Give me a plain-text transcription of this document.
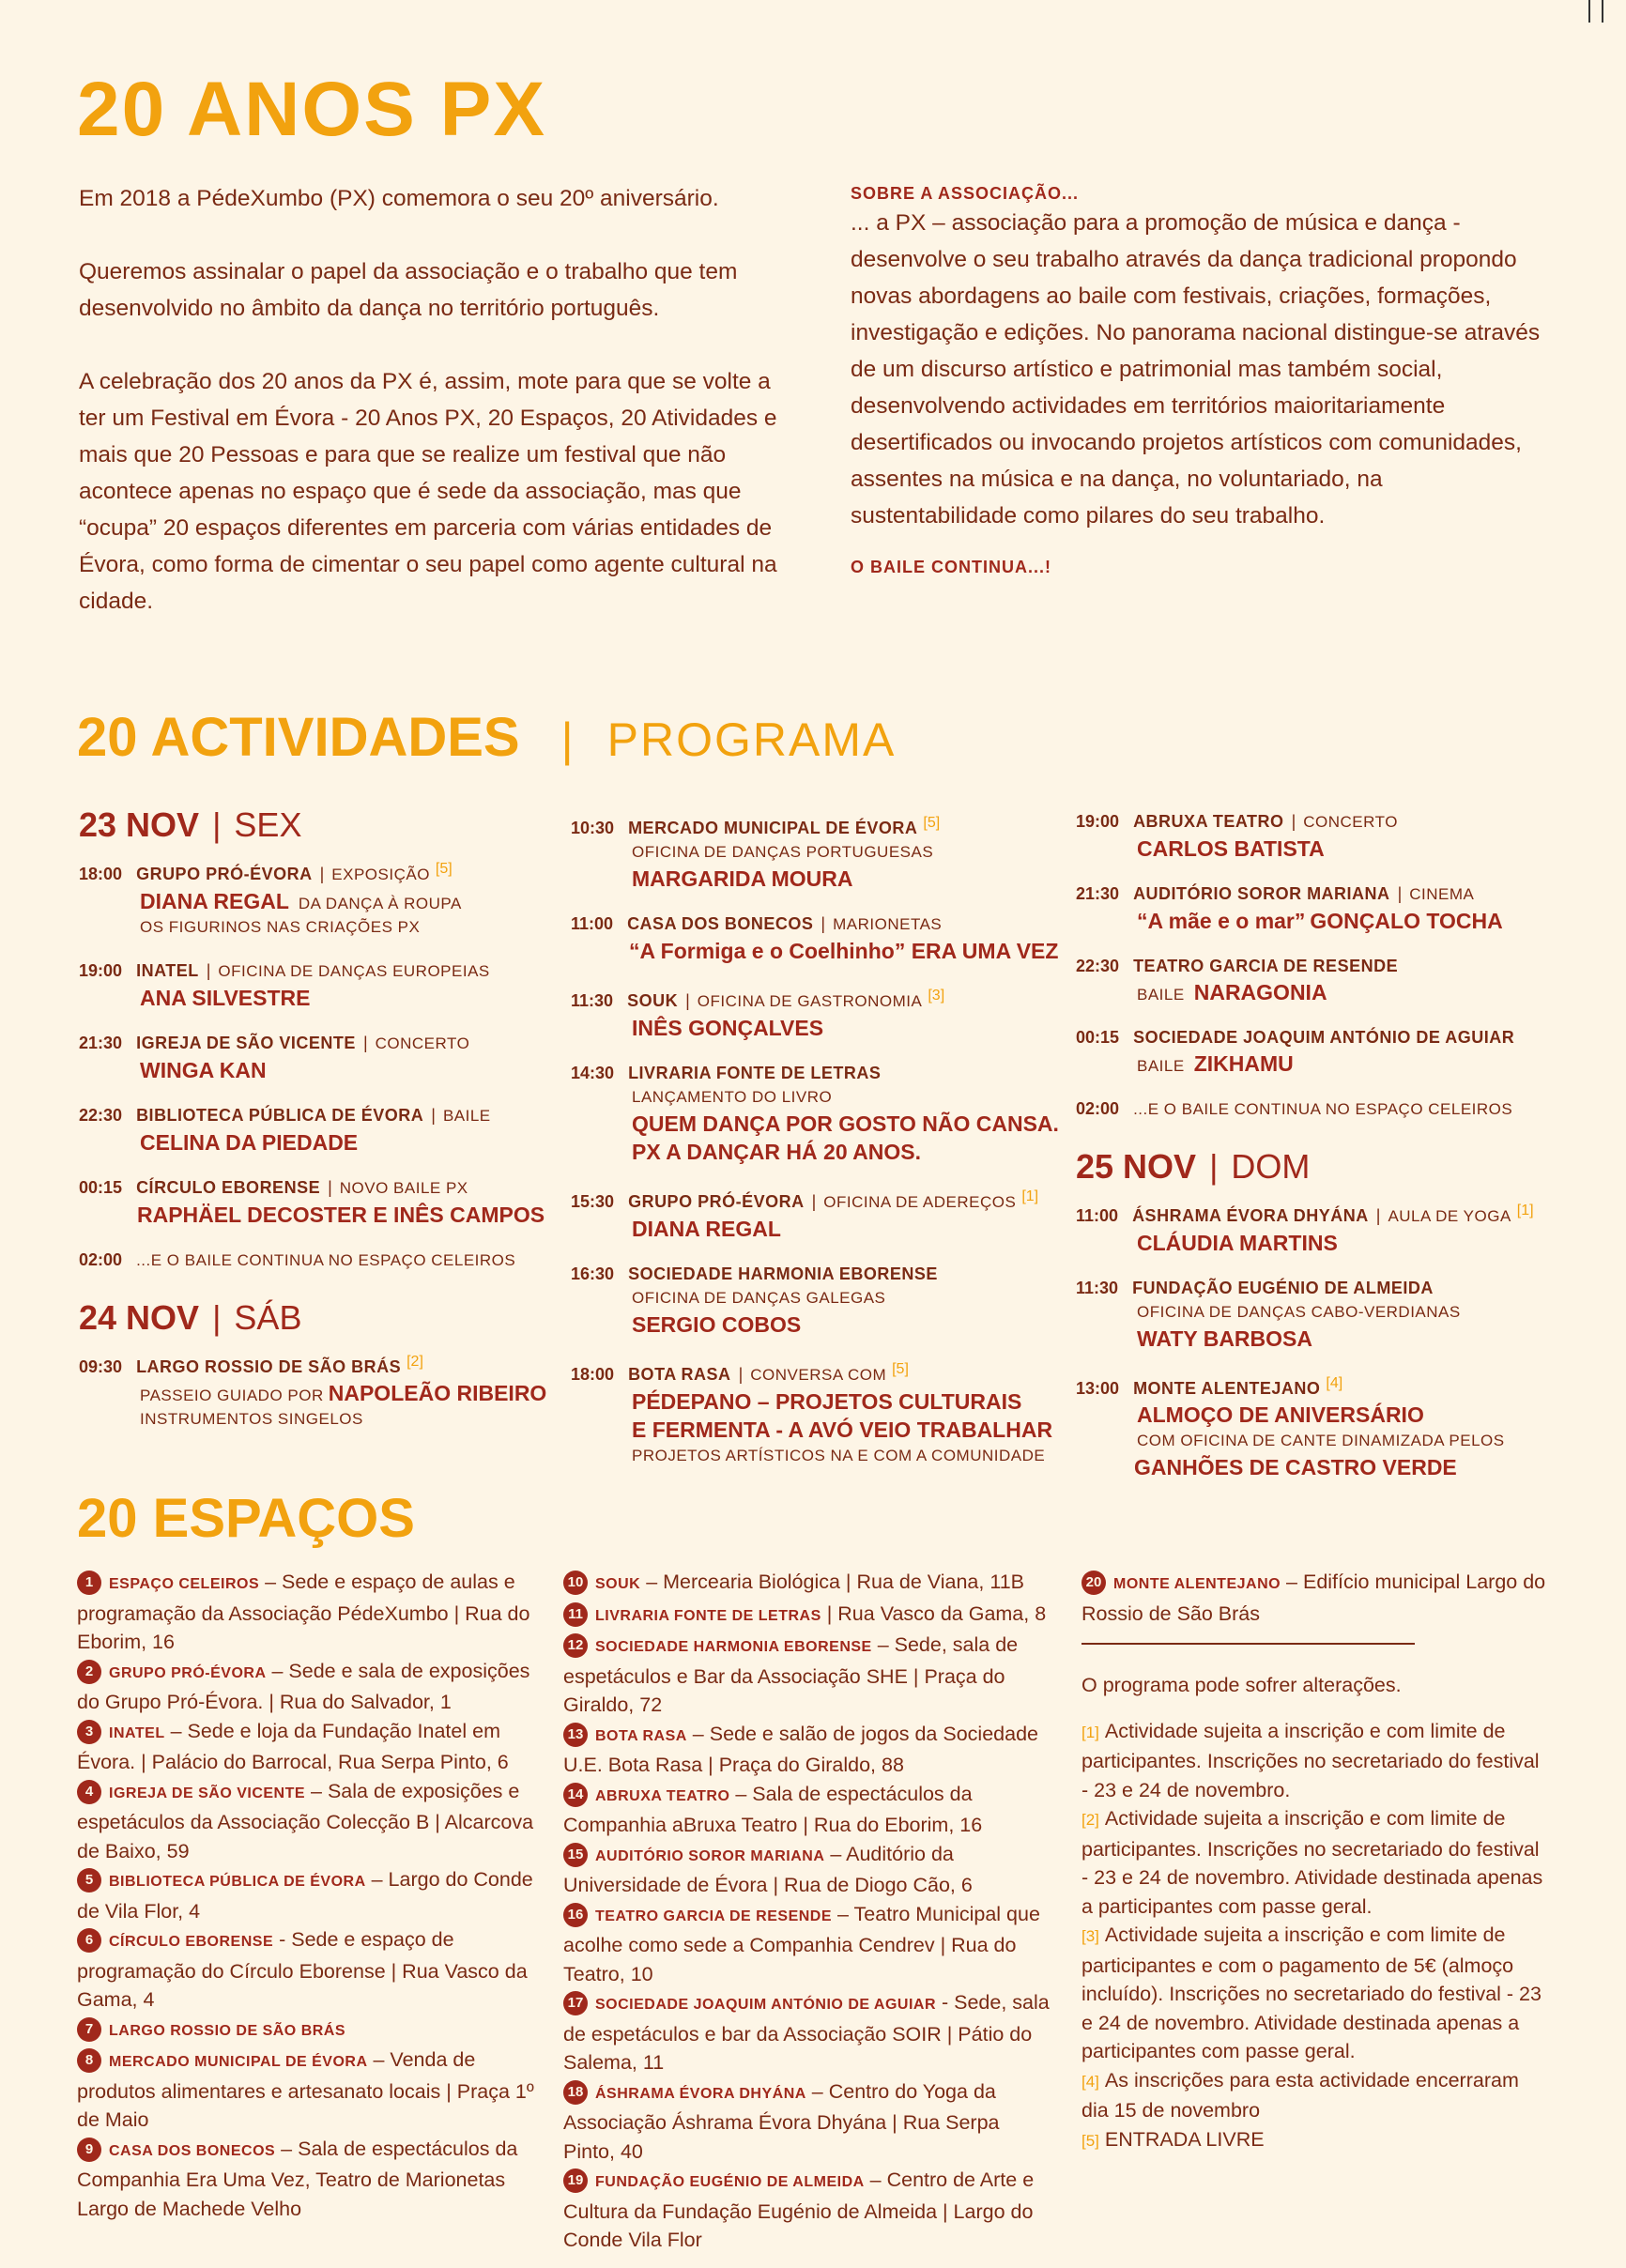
20 ANOS PX

Em 2018 a PédeXumbo (PX) comemora o seu 20º aniversário.

Queremos assinalar o papel da associação e o trabalho que tem desenvolvido no âmbito da dança no território português.

A celebração dos 20 anos da PX é, assim, mote para que se volte a ter um Festival em Évora - 20 Anos PX, 20 Espaços, 20 Atividades e mais que 20 Pessoas e para que se realize um festival que não acontece apenas no espaço que é sede da associação, mas que “ocupa” 20 espaços diferentes em parceria com várias entidades de Évora, como forma de cimentar o seu papel como agente cultural na cidade.

SOBRE A ASSOCIAÇÃO...

... a PX – associação para a promoção de música e dança - desenvolve o seu trabalho através da dança tradicional propondo novas abordagens ao baile com festivais, criações, formações, investigação e edições. No panorama nacional distingue-se através de um discurso artístico e patrimonial mas também social, desenvolvendo actividades em territórios maioritariamente desertificados ou invocando projetos artísticos com comunidades, assentes na música e na dança, no voluntariado, na sustentabilidade como pilares do seu trabalho.

O BAILE CONTINUA...!
20 ACTIVIDADES | PROGRAMA
23 NOV | SEX
18:00 GRUPO PRÓ-ÉVORA | EXPOSIÇÃO [5]
DIANA REGAL DA DANÇA À ROUPA
OS FIGURINOS NAS CRIAÇÕES PX
19:00 INATEL | OFICINA DE DANÇAS EUROPEIAS
ANA SILVESTRE
21:30 IGREJA DE SÃO VICENTE | CONCERTO
WINGA KAN
22:30 BIBLIOTECA PÚBLICA DE ÉVORA | BAILE
CELINA DA PIEDADE
00:15 CÍRCULO EBORENSE | NOVO BAILE PX
RAPHÄEL DECOSTER E INÊS CAMPOS
02:00 ...E O BAILE CONTINUA NO ESPAÇO CELEIROS
24 NOV | SÁB
09:30 LARGO ROSSIO DE SÃO BRÁS [2]
PASSEIO GUIADO POR NAPOLEÃO RIBEIRO
INSTRUMENTOS SINGELOS
10:30 MERCADO MUNICIPAL DE ÉVORA [5]
OFICINA DE DANÇAS PORTUGUESAS
MARGARIDA MOURA
11:00 CASA DOS BONECOS | MARIONETAS
“A Formiga e o Coelhinho” ERA UMA VEZ
11:30 SOUK | OFICINA DE GASTRONOMIA [3]
INÊS GONÇALVES
14:30 LIVRARIA FONTE DE LETRAS
LANÇAMENTO DO LIVRO
QUEM DANÇA POR GOSTO NÃO CANSA.
PX A DANÇAR HÁ 20 ANOS.
15:30 GRUPO PRÓ-ÉVORA | OFICINA DE ADEREÇOS [1]
DIANA REGAL
16:30 SOCIEDADE HARMONIA EBORENSE
OFICINA DE DANÇAS GALEGAS
SERGIO COBOS
18:00 BOTA RASA | CONVERSA COM [5]
PÉDEPANO – PROJETOS CULTURAIS
E FERMENTA - A AVÓ VEIO TRABALHAR
PROJETOS ARTÍSTICOS NA E COM A COMUNIDADE
19:00 ABRUXA TEATRO | CONCERTO
CARLOS BATISTA
21:30 AUDITÓRIO SOROR MARIANA | CINEMA
“A mãe e o mar” GONÇALO TOCHA
22:30 TEATRO GARCIA DE RESENDE
BAILE NARAGONIA
00:15 SOCIEDADE JOAQUIM ANTÓNIO DE AGUIAR
BAILE ZIKHAMU
02:00 ...E O BAILE CONTINUA NO ESPAÇO CELEIROS
25 NOV | DOM
11:00 ÁSHRAMA ÉVORA DHYÁNA | AULA DE YOGA [1]
CLÁUDIA MARTINS
11:30 FUNDAÇÃO EUGÉNIO DE ALMEIDA
OFICINA DE DANÇAS CABO-VERDIANAS
WATY BARBOSA
13:00 MONTE ALENTEJANO [4]
ALMOÇO DE ANIVERSÁRIO
COM OFICINA DE CANTE DINAMIZADA PELOS
GANHÕES DE CASTRO VERDE
20 ESPAÇOS
1 ESPAÇO CELEIROS – Sede e espaço de aulas e programação da Associação PédeXumbo | Rua do Eborim, 16
2 GRUPO PRÓ-ÉVORA – Sede e sala de exposições do Grupo Pró-Évora. | Rua do Salvador, 1
3 INATEL – Sede e loja da Fundação Inatel em Évora. | Palácio do Barrocal, Rua Serpa Pinto, 6
4 IGREJA DE SÃO VICENTE – Sala de exposições e espetáculos da Associação Colecção B | Alcarcova de Baixo, 59
5 BIBLIOTECA PÚBLICA DE ÉVORA – Largo do Conde de Vila Flor, 4
6 CÍRCULO EBORENSE - Sede e espaço de programação do Círculo Eborense | Rua Vasco da Gama, 4
7 LARGO ROSSIO DE SÃO BRÁS
8 MERCADO MUNICIPAL DE ÉVORA – Venda de produtos alimentares e artesanato locais | Praça 1º de Maio
9 CASA DOS BONECOS – Sala de espectáculos da Companhia Era Uma Vez, Teatro de Marionetas Largo de Machede Velho
10 SOUK – Mercearia Biológica | Rua de Viana, 11B
11 LIVRARIA FONTE DE LETRAS | Rua Vasco da Gama, 8
12 SOCIEDADE HARMONIA EBORENSE – Sede, sala de espetáculos e Bar da Associação SHE | Praça do Giraldo, 72
13 BOTA RASA – Sede e salão de jogos da Sociedade U.E. Bota Rasa | Praça do Giraldo, 88
14 ABRUXA TEATRO – Sala de espectáculos da Companhia aBruxa Teatro | Rua do Eborim, 16
15 AUDITÓRIO SOROR MARIANA – Auditório da Universidade de Évora | Rua de Diogo Cão, 6
16 TEATRO GARCIA DE RESENDE – Teatro Municipal que acolhe como sede a Companhia Cendrev | Rua do Teatro, 10
17 SOCIEDADE JOAQUIM ANTÓNIO DE AGUIAR - Sede, sala de espetáculos e bar da Associação SOIR | Pátio do Salema, 11
18 ÁSHRAMA ÉVORA DHYÁNA – Centro do Yoga da Associação Áshrama Évora Dhyána | Rua Serpa Pinto, 40
19 FUNDAÇÃO EUGÉNIO DE ALMEIDA – Centro de Arte e Cultura da Fundação Eugénio de Almeida | Largo do Conde Vila Flor
20 MONTE ALENTEJANO – Edifício municipal Largo do Rossio de São Brás
O programa pode sofrer alterações.
[1] Actividade sujeita a inscrição e com limite de participantes. Inscrições no secretariado do festival - 23 e 24 de novembro.
[2] Actividade sujeita a inscrição e com limite de participantes. Inscrições no secretariado do festival - 23 e 24 de novembro. Atividade destinada apenas a participantes com passe geral.
[3] Actividade sujeita a inscrição e com limite de participantes e com o pagamento de 5€ (almoço incluído). Inscrições no secretariado do festival - 23 e 24 de novembro. Atividade destinada apenas a participantes com passe geral.
[4] As inscrições para esta actividade encerraram dia 15 de novembro
[5] ENTRADA LIVRE
